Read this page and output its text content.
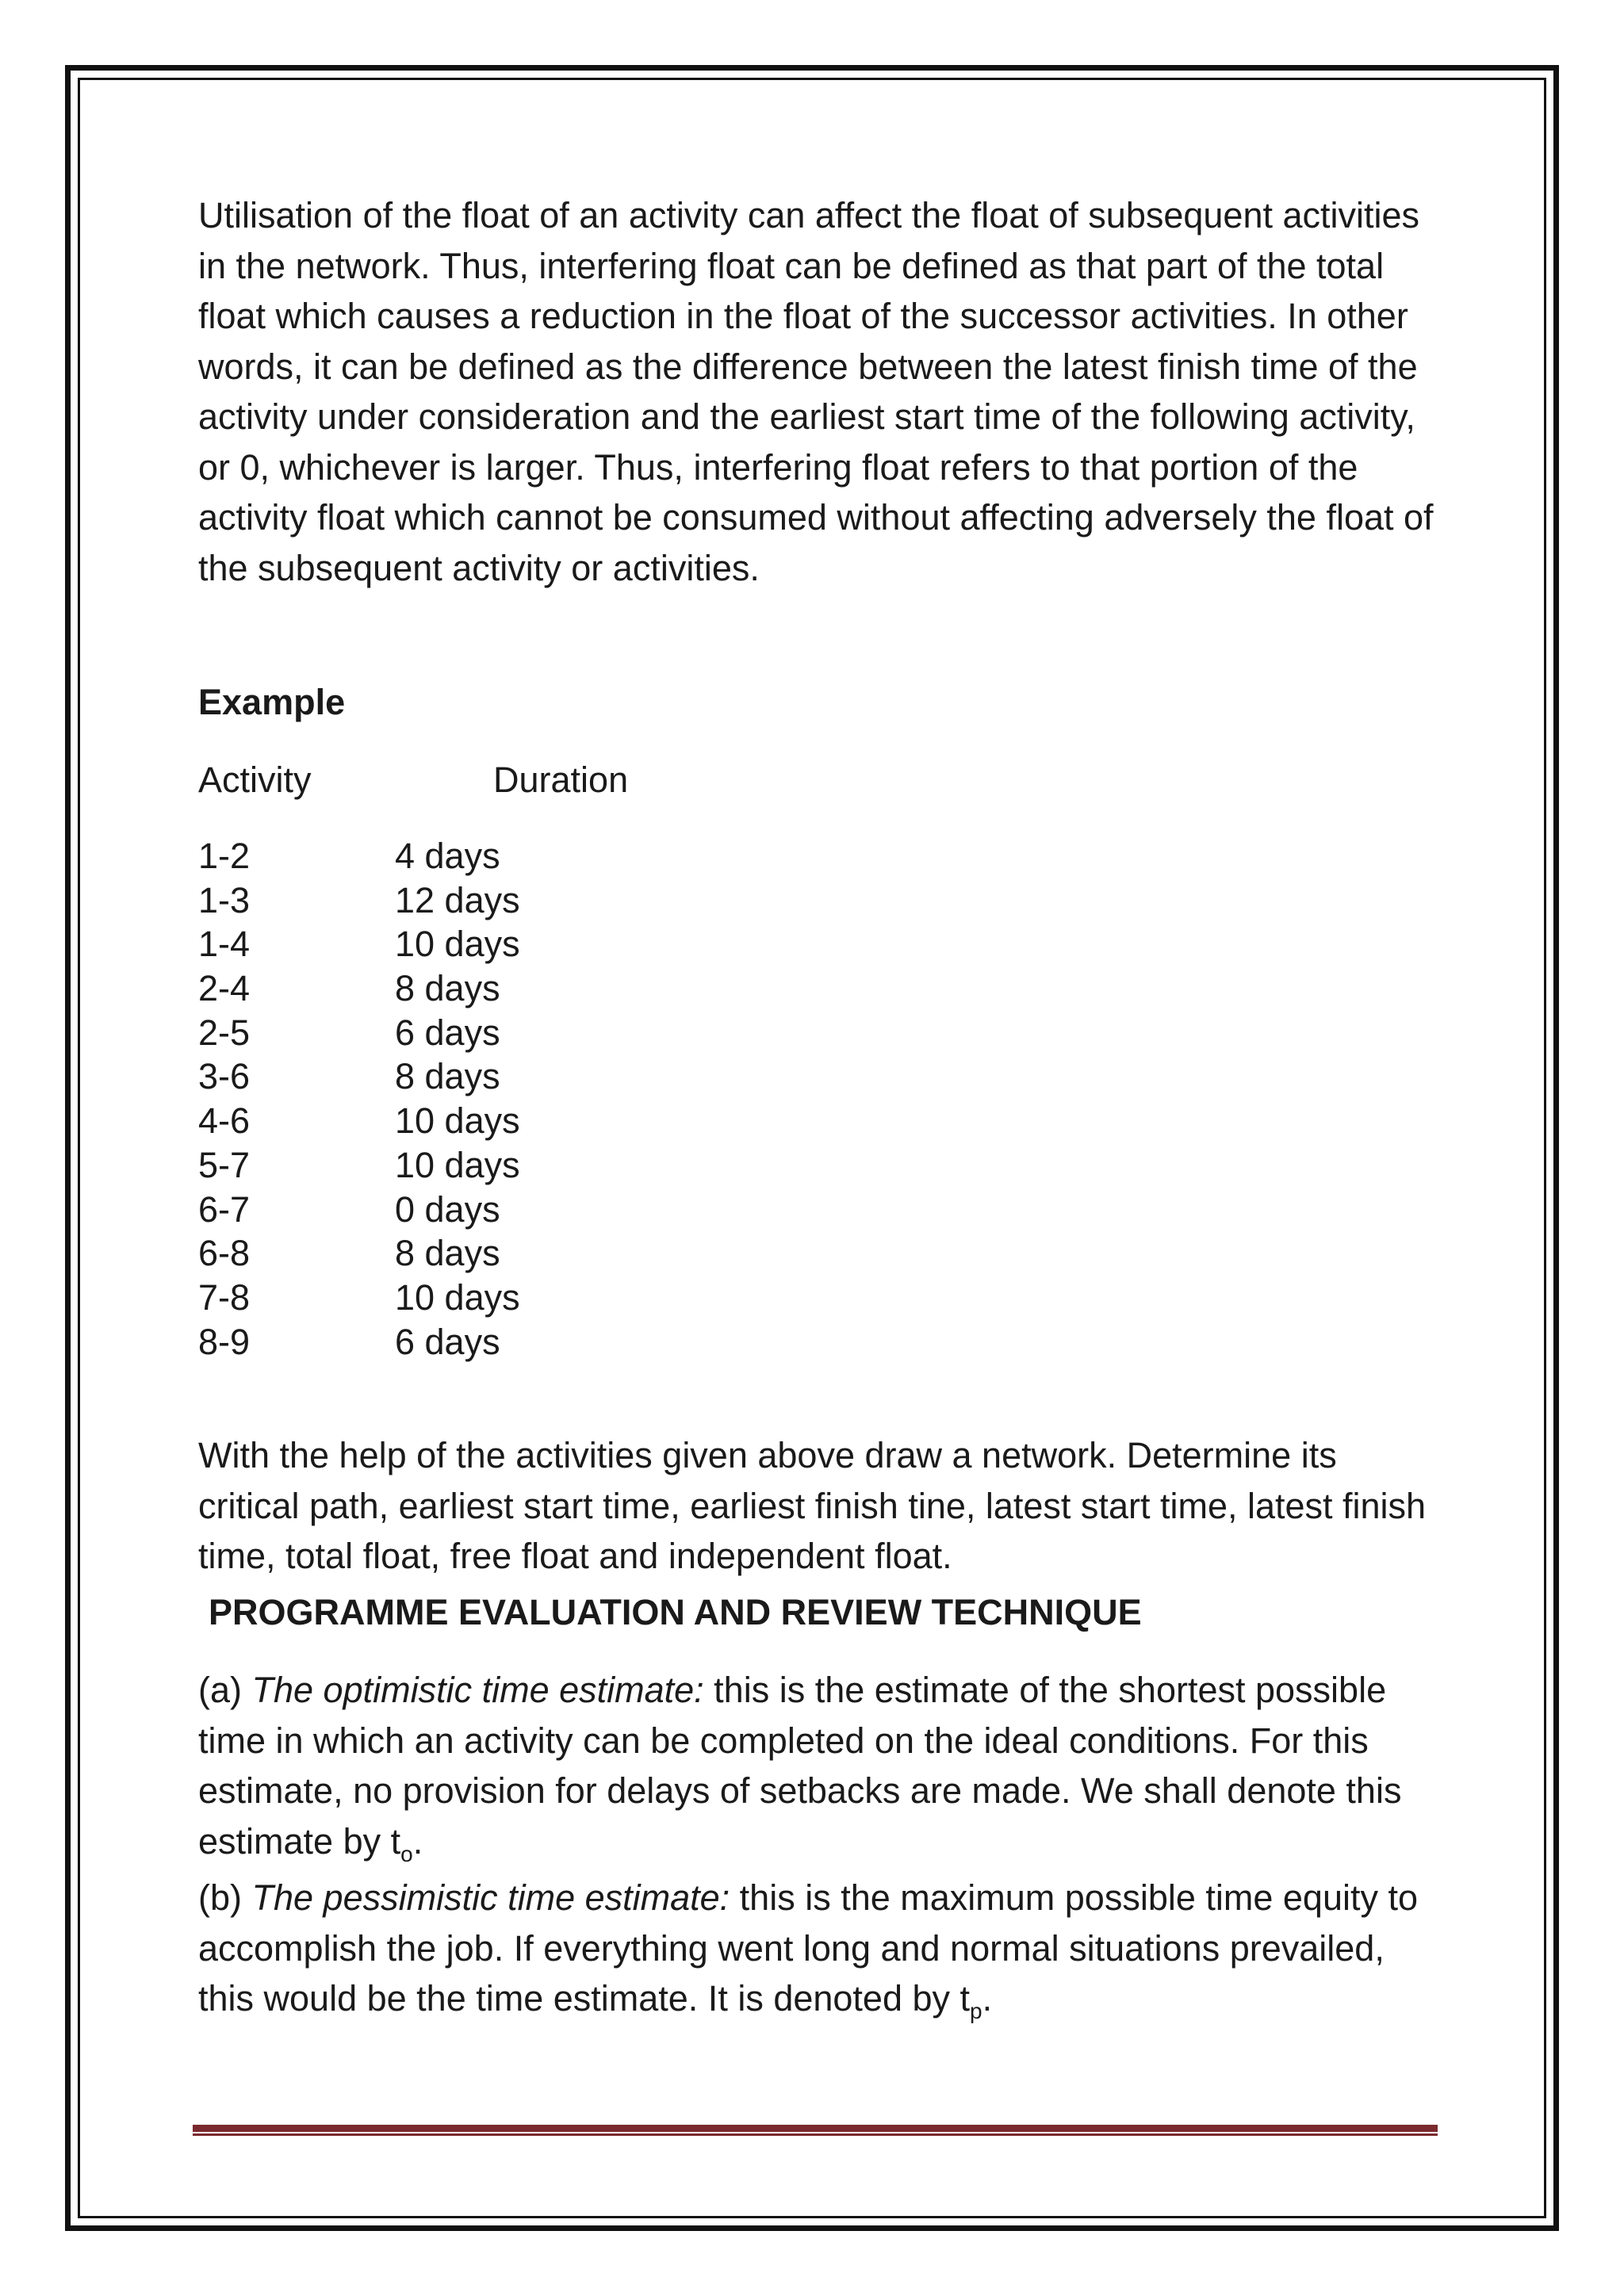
Utilisation of the float of an activity can affect the float of subsequent activities in the network. Thus, interfering float can be defined as that part of the total float which causes a reduction in the float of the successor activities. In other words, it can be defined as the difference between the latest finish time of the activity under consideration and the earliest start time of the following activity, or 0, whichever is larger. Thus, interfering float refers to that portion of the activity float which cannot be consumed without affecting adversely the float of the subsequent activity or activities.

Example

Activity	Duration
1-2	4 days
1-3	12 days
1-4	10 days
2-4	8 days
2-5	6 days
3-6	8 days
4-6	10 days
5-7	10 days
6-7	0 days
6-8	8 days
7-8	10 days
8-9	6 days

With the help of the activities given above draw a network. Determine its critical path, earliest start time, earliest finish tine, latest start time, latest finish time, total float, free float and independent float.

PROGRAMME EVALUATION AND REVIEW TECHNIQUE

(a) The optimistic time estimate: this is the estimate of the shortest possible time in which an activity can be completed on the ideal conditions. For this estimate, no provision for delays of setbacks are made. We shall denote this estimate by $t_o$.

(b) The pessimistic time estimate: this is the maximum possible time equity to accomplish the job. If everything went long and normal situations prevailed, this would be the time estimate. It is denoted by $t_p$.
